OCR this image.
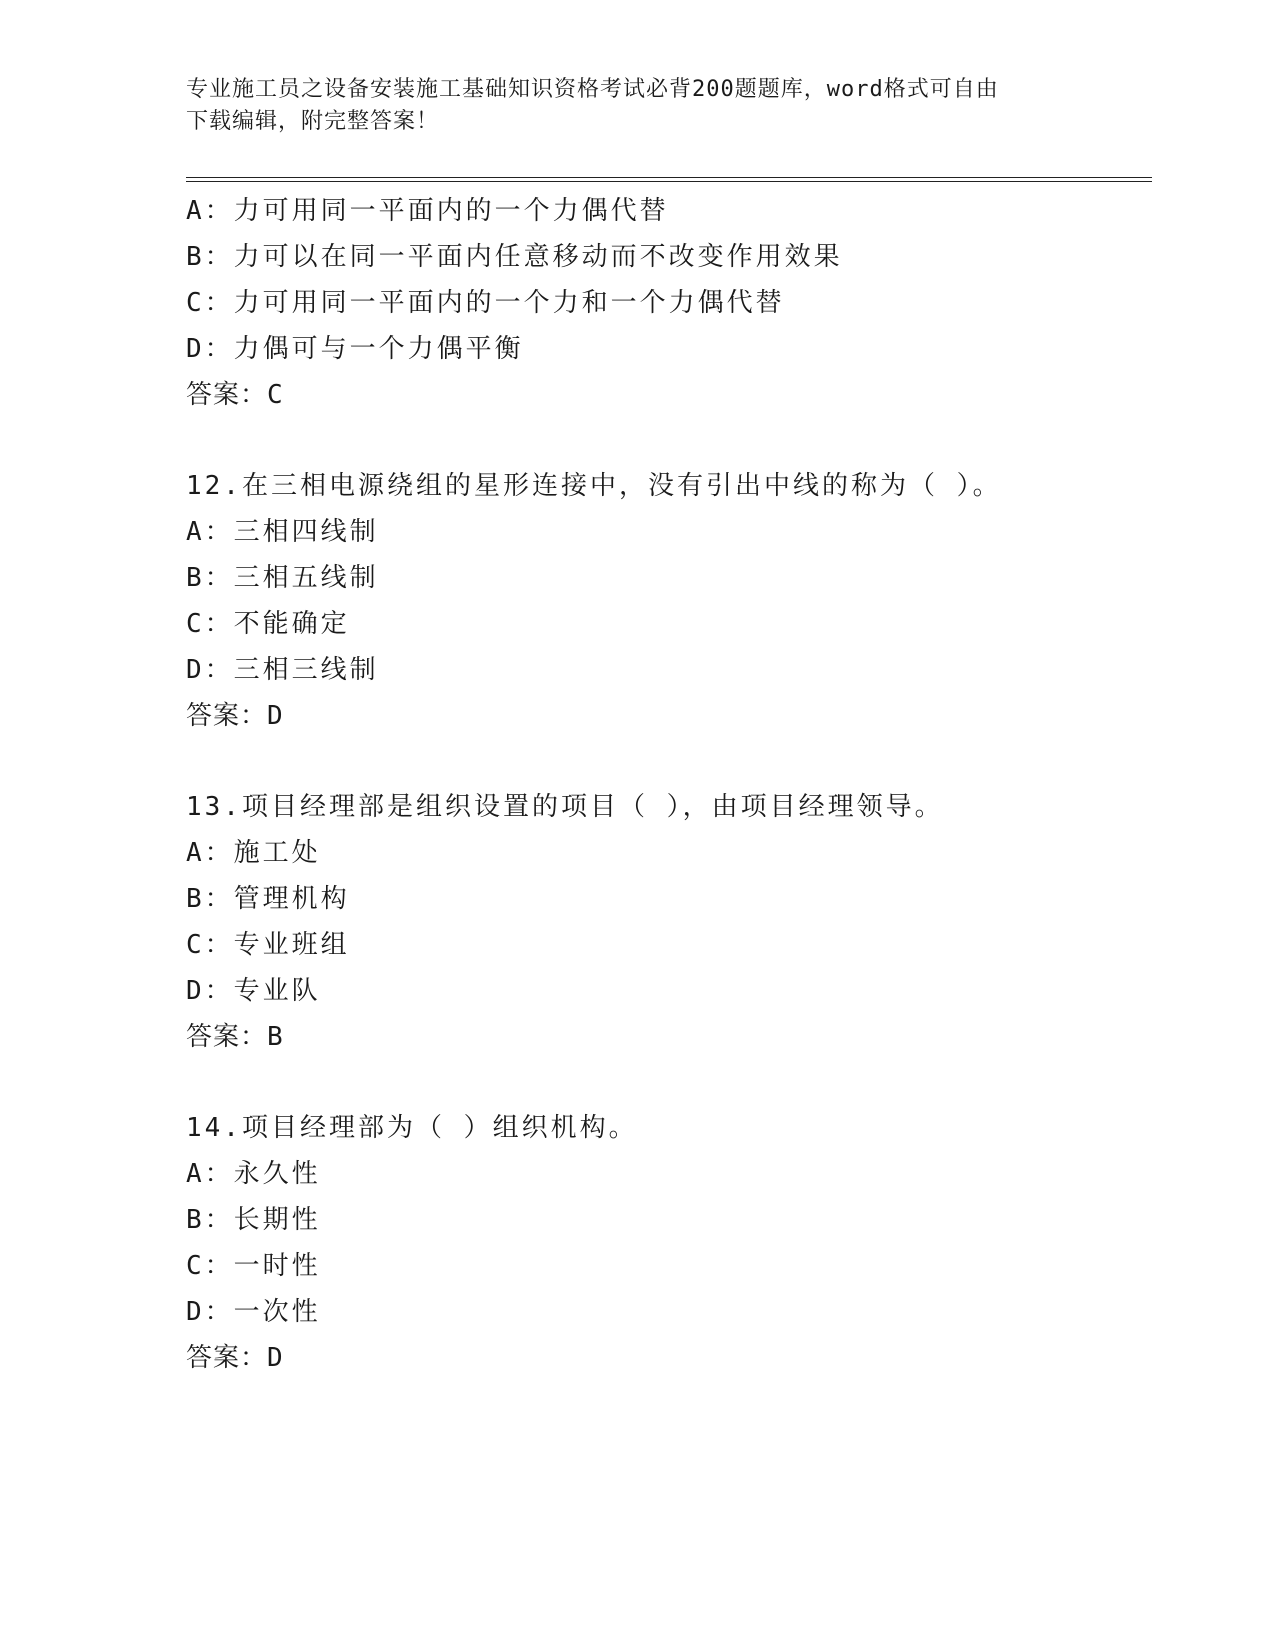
专业施工员之设备安装施工基础知识资格考试必背200题题库，word格式可自由
下载编辑，附完整答案！
A：力可用同一平面内的一个力偶代替
B：力可以在同一平面内任意移动而不改变作用效果
C：力可用同一平面内的一个力和一个力偶代替
D：力偶可与一个力偶平衡
答案：C
12.在三相电源绕组的星形连接中，没有引出中线的称为（ ）。
A：三相四线制
B：三相五线制
C：不能确定
D：三相三线制
答案：D
13.项目经理部是组织设置的项目（ ），由项目经理领导。
A：施工处
B：管理机构
C：专业班组
D：专业队
答案：B
14.项目经理部为（ ）组织机构。
A：永久性
B：长期性
C：一时性
D：一次性
答案：D
